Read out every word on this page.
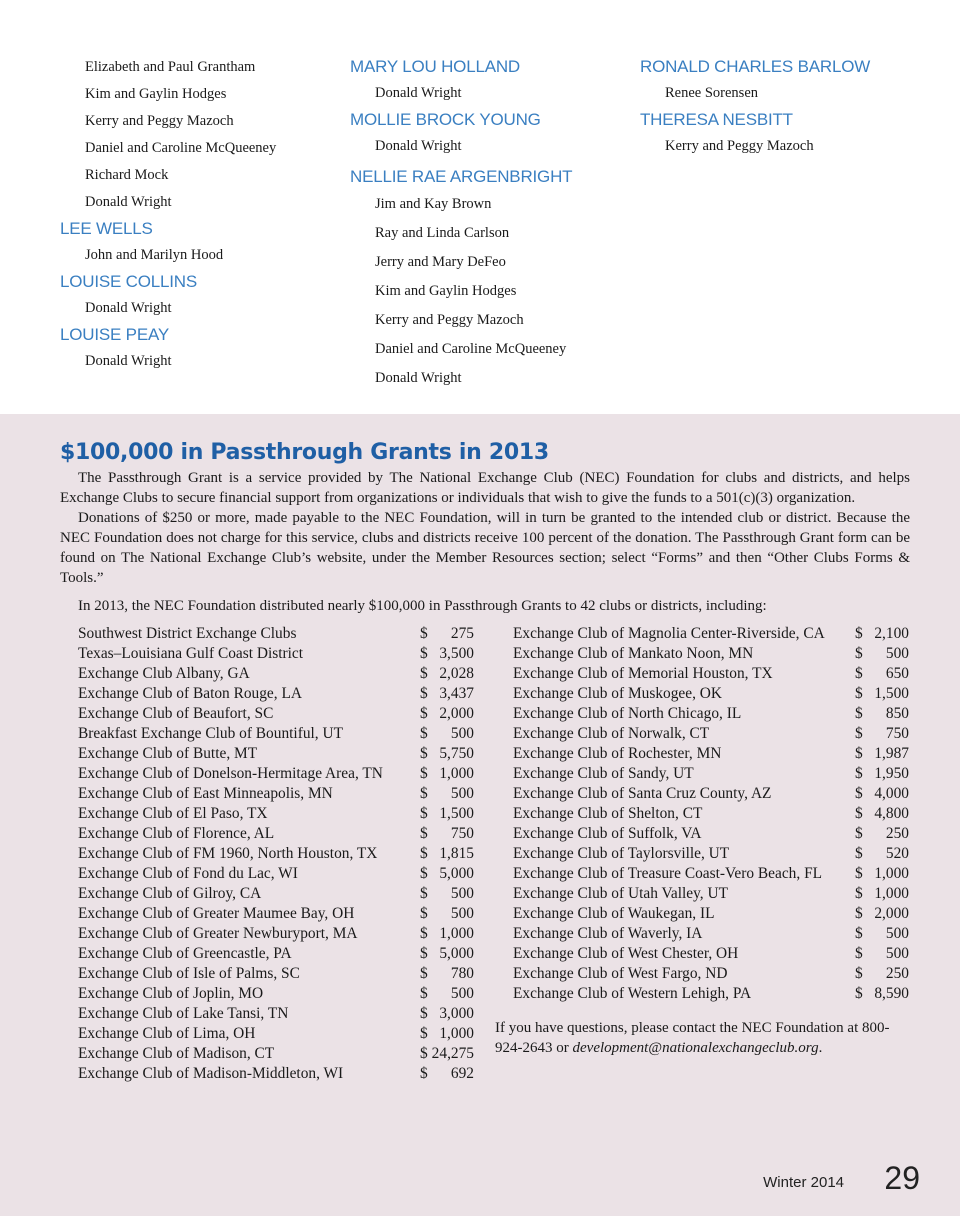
Elizabeth and Paul Grantham
Kim and Gaylin Hodges
Kerry and Peggy Mazoch
Daniel and Caroline McQueeney
Richard Mock
Donald Wright
LEE WELLS
John and Marilyn Hood
LOUISE COLLINS
Donald Wright
LOUISE PEAY
Donald Wright
MARY LOU HOLLAND
Donald Wright
MOLLIE BROCK YOUNG
Donald Wright
NELLIE RAE ARGENBRIGHT
Jim and Kay Brown
Ray and Linda Carlson
Jerry and Mary DeFeo
Kim and Gaylin Hodges
Kerry and Peggy Mazoch
Daniel and Caroline McQueeney
Donald Wright
RONALD CHARLES BARLOW
Renee Sorensen
THERESA NESBITT
Kerry and Peggy Mazoch
$100,000 in Passthrough Grants in 2013

The Passthrough Grant is a service provided by The National Exchange Club (NEC) Foundation for clubs and districts, and helps Exchange Clubs to secure financial support from organizations or individuals that wish to give the funds to a 501(c)(3) organization.

Donations of $250 or more, made payable to the NEC Foundation, will in turn be granted to the intended club or district. Because the NEC Foundation does not charge for this service, clubs and districts receive 100 percent of the donation. The Passthrough Grant form can be found on The National Exchange Club’s website, under the Member Resources section; select “Forms” and then “Other Clubs Forms & Tools.”

In 2013, the NEC Foundation distributed nearly $100,000 in Passthrough Grants to 42 clubs or districts, including:
Southwest District Exchange Clubs	$ 275
Texas–Louisiana Gulf Coast District	$ 3,500
Exchange Club Albany, GA	$ 2,028
Exchange Club of Baton Rouge, LA	$ 3,437
Exchange Club of Beaufort, SC	$ 2,000
Breakfast Exchange Club of Bountiful, UT	$ 500
Exchange Club of Butte, MT	$ 5,750
Exchange Club of Donelson-Hermitage Area, TN $ 1,000
Exchange Club of East Minneapolis, MN	$ 500
Exchange Club of El Paso, TX	$ 1,500
Exchange Club of Florence, AL	$ 750
Exchange Club of FM 1960, North Houston, TX	$ 1,815
Exchange Club of Fond du Lac, WI	$ 5,000
Exchange Club of Gilroy, CA	$ 500
Exchange Club of Greater Maumee Bay, OH	$ 500
Exchange Club of Greater Newburyport, MA	$ 1,000
Exchange Club of Greencastle, PA	$ 5,000
Exchange Club of Isle of Palms, SC	$ 780
Exchange Club of Joplin, MO	$ 500
Exchange Club of Lake Tansi, TN	$ 3,000
Exchange Club of Lima, OH	$ 1,000
Exchange Club of Madison, CT	$ 24,275
Exchange Club of Madison-Middleton, WI	$ 692
Exchange Club of Magnolia Center-Riverside, CA $ 2,100
Exchange Club of Mankato Noon, MN	$ 500
Exchange Club of Memorial Houston, TX	$ 650
Exchange Club of Muskogee, OK	$ 1,500
Exchange Club of North Chicago, IL	$ 850
Exchange Club of Norwalk, CT	$ 750
Exchange Club of Rochester, MN	$ 1,987
Exchange Club of Sandy, UT	$ 1,950
Exchange Club of Santa Cruz County, AZ	$ 4,000
Exchange Club of Shelton, CT	$ 4,800
Exchange Club of Suffolk, VA	$ 250
Exchange Club of Taylorsville, UT	$ 520
Exchange Club of Treasure Coast-Vero Beach, FL $ 1,000
Exchange Club of Utah Valley, UT	$ 1,000
Exchange Club of Waukegan, IL	$ 2,000
Exchange Club of Waverly, IA	$ 500
Exchange Club of West Chester, OH	$ 500
Exchange Club of West Fargo, ND	$ 250
Exchange Club of Western Lehigh, PA	$ 8,590
If you have questions, please contact the NEC Foundation at 800-924-2643 or development@nationalexchangeclub.org.
Winter 2014 29
